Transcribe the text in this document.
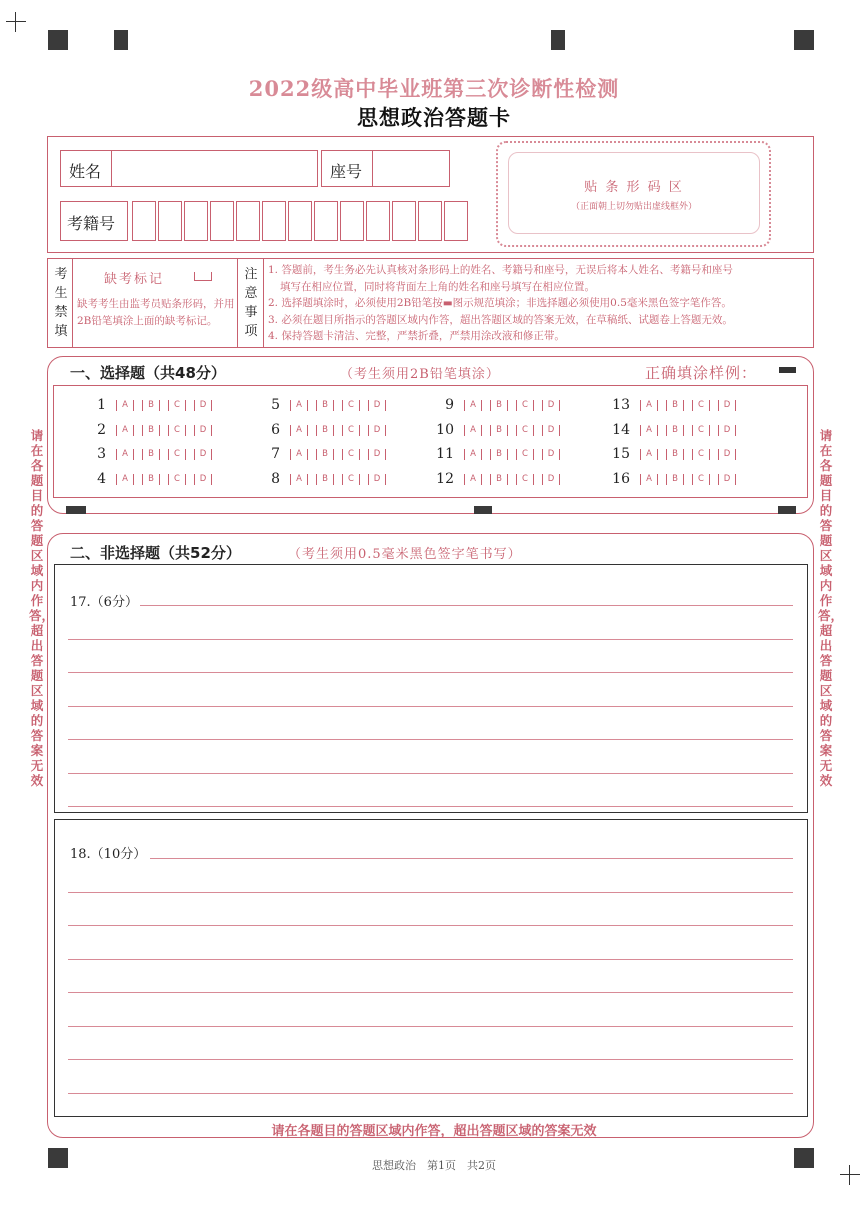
2022级高中毕业班第三次诊断性检测
思想政治答题卡
姓名	座号
考籍号
贴 条 形 码 区
（正面朝上切勿贴出虚线框外）
考
生
禁
填
缺考标记
缺考考生由监考员贴条形码，并用2B铅笔填涂上面的缺考标记。
注
意
事
项
1. 答题前，考生务必先认真核对条形码上的姓名、考籍号和座号，无误后将本人姓名、考籍号和座号
填写在相应位置，同时将背面左上角的姓名和座号填写在相应位置。
2. 选择题填涂时，必须使用2B铅笔按▬图示规范填涂；非选择题必须使用0.5毫米黑色签字笔作答。
3. 必须在题目所指示的答题区域内作答，超出答题区域的答案无效，在草稿纸、试题卷上答题无效。
4. 保持答题卡清洁、完整，严禁折叠，严禁用涂改液和修正带。
一、选择题（共48分）	（考生须用2B铅笔填涂）	正确填涂样例：
1	A	B	C	D
2	A	B	C	D
3	A	B	C	D
4	A	B	C	D
5	A	B	C	D
6	A	B	C	D
7	A	B	C	D
8	A	B	C	D
9	A	B	C	D
10	A	B	C	D
11	A	B	C	D
12	A	B	C	D
13	A	B	C	D
14	A	B	C	D
15	A	B	C	D
16	A	B	C	D
二、非选择题（共52分）	（考生须用0.5毫米黑色签字笔书写）
17.（6分）
18.（10分）
请在各题目的答题区域内作答，超出答题区域的答案无效
请在各题目的答题区域内作答，超出答题区域的答案无效
请在各题目的答题区域内作答，超出答题区域的答案无效
思想政治　第1页　共2页
